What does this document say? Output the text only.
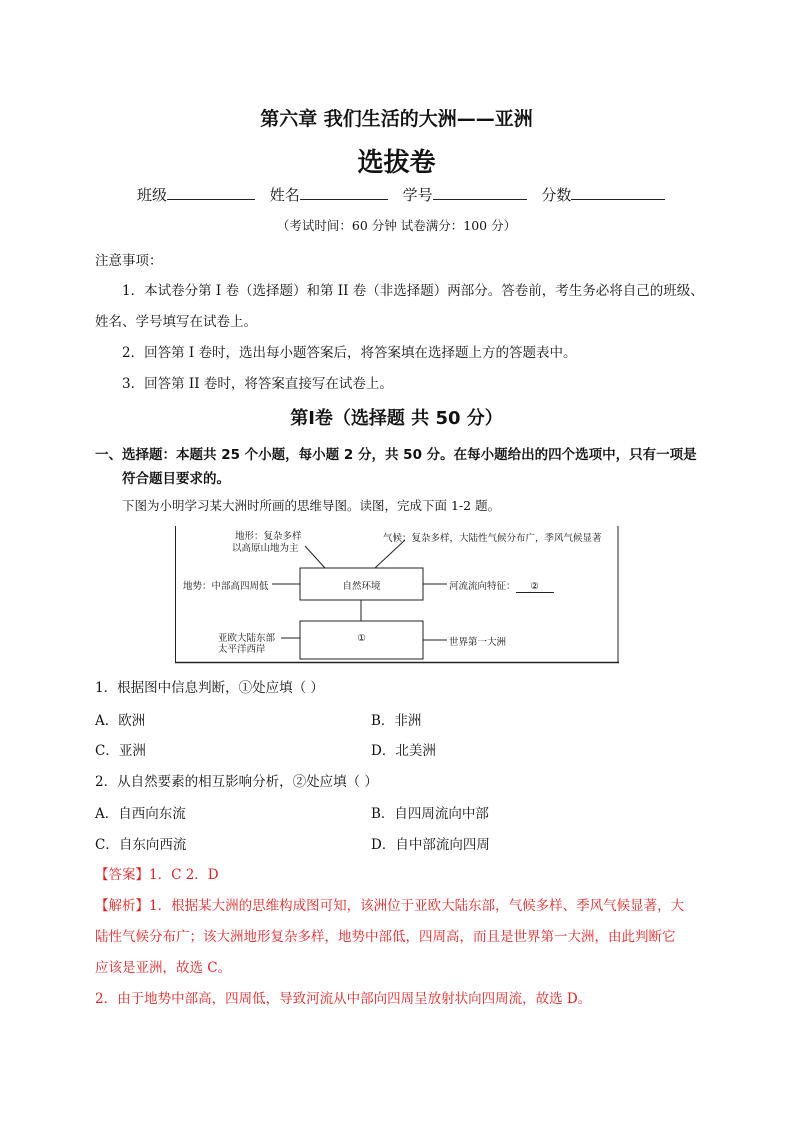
第六章 我们生活的大洲——亚洲
选拔卷
班级	姓名	学号	分数
（考试时间：60 分钟 试卷满分：100 分）
注意事项：
1．本试卷分第 I 卷（选择题）和第 II 卷（非选择题）两部分。答卷前，考生务必将自己的班级、
姓名、学号填写在试卷上。
2．回答第 I 卷时，选出每小题答案后，将答案填在选择题上方的答题表中。
3．回答第 II 卷时，将答案直接写在试卷上。
第I卷（选择题 共 50 分）
一、选择题：本题共 25 个小题，每小题 2 分，共 50 分。在每小题给出的四个选项中，只有一项是
符合题目要求的。
下图为小明学习某大洲时所画的思维导图。读图，完成下面 1-2 题。
地形：复杂多样
以高原山地为主
气候：复杂多样，大陆性气候分布广，季风气候显著
地势：中部高四周低	自然环境	河流流向特征： ②
亚欧大陆东部
太平洋西岸
①	世界第一大洲
1．根据图中信息判断，①处应填（ ）
A．欧洲	B．非洲
C．亚洲	D．北美洲
2．从自然要素的相互影响分析，②处应填（ ）
A．自西向东流	B．自四周流向中部
C．自东向西流	D．自中部流向四周
【答案】1．C 2．D
【解析】1．根据某大洲的思维构成图可知，该洲位于亚欧大陆东部，气候多样、季风气候显著，大
陆性气候分布广；该大洲地形复杂多样，地势中部低，四周高，而且是世界第一大洲，由此判断它
应该是亚洲，故选 C。
2．由于地势中部高，四周低，导致河流从中部向四周呈放射状向四周流，故选 D。
